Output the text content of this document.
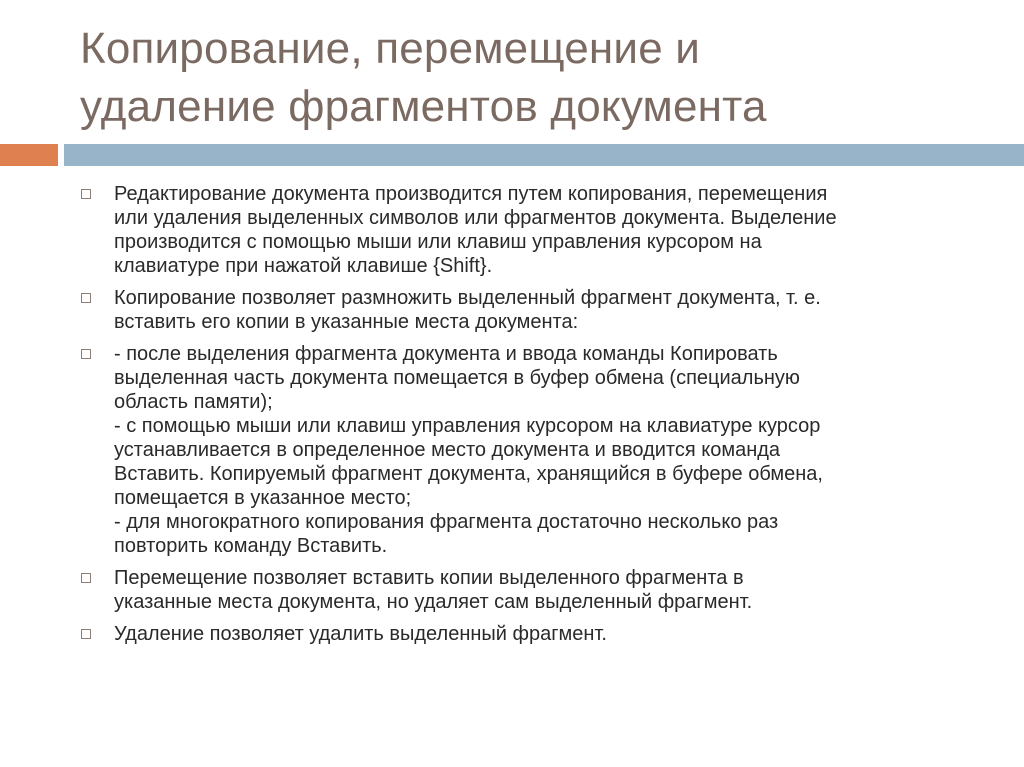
Копирование, перемещение и
удаление фрагментов документа
Редактирование документа производится путем копирования, перемещения
или удаления выделенных символов или фрагментов документа. Выделение
производится с помощью мыши или клавиш управления курсором на
клавиатуре при нажатой клавише {Shift}.
Копирование позволяет размножить выделенный фрагмент документа, т. е.
вставить его копии в указанные места документа:
- после выделения фрагмента документа и ввода команды Копировать
выделенная часть документа помещается в буфер обмена (специальную
область памяти);
- с помощью мыши или клавиш управления курсором на клавиатуре курсор
устанавливается в определенное место документа и вводится команда
Вставить. Копируемый фрагмент документа, хранящийся в буфере обмена,
помещается в указанное место;
- для многократного копирования фрагмента достаточно несколько раз
повторить команду Вставить.
Перемещение позволяет вставить копии выделенного фрагмента в
указанные места документа, но удаляет сам выделенный фрагмент.
Удаление позволяет удалить выделенный фрагмент.
